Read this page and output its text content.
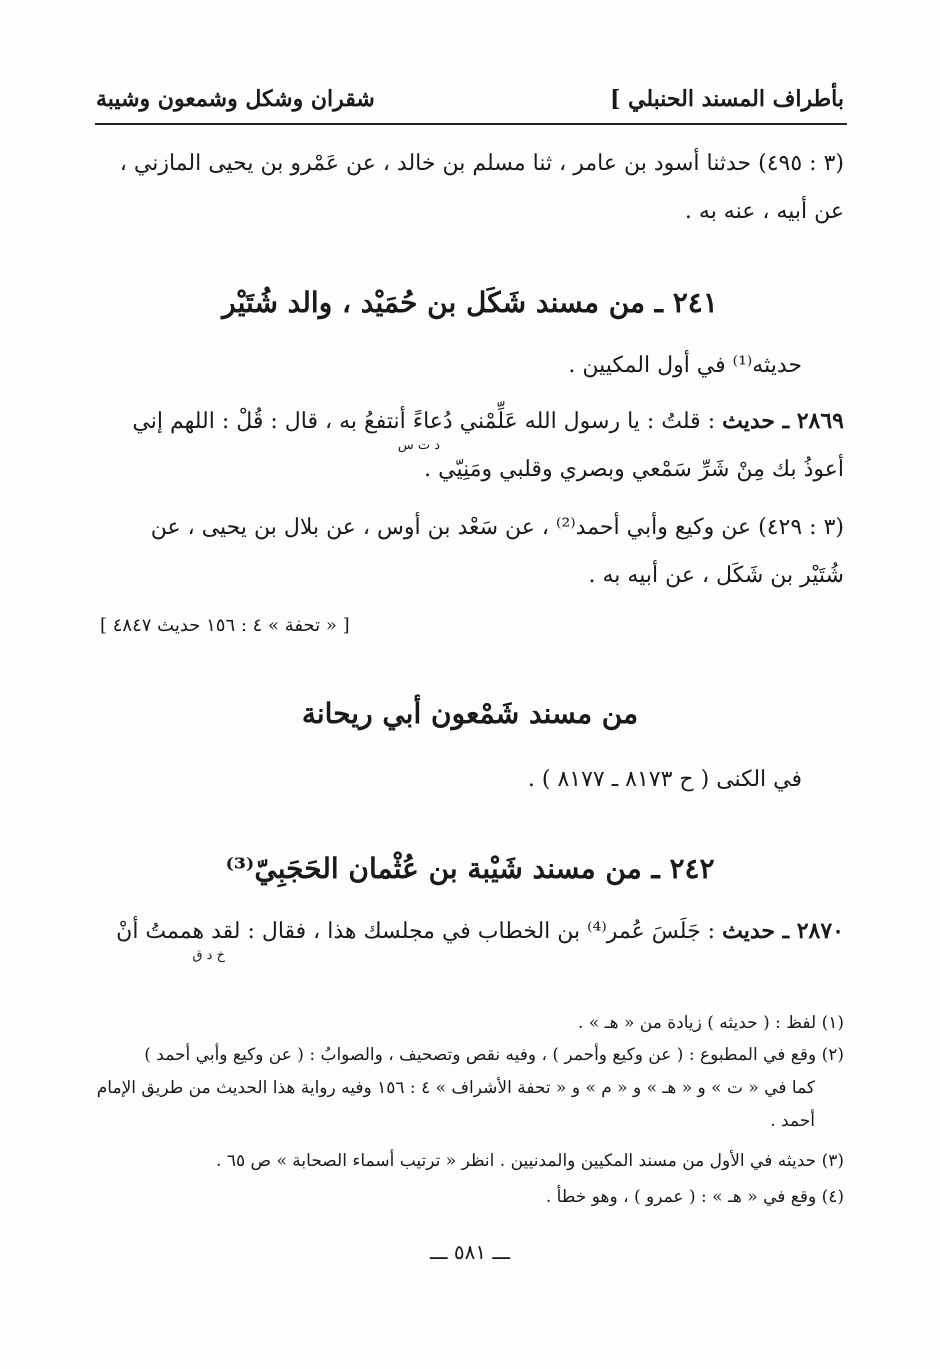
بأطراف المسند الحنبلي ]
شقران وشكل وشمعون وشيبة
(٣ : ٤٩٥) حدثنا أسود بن عامر ، ثنا مسلم بن خالد ، عن عَمْرو بن يحيى المازني ،
عن أبيه ، عنه به .
٢٤١ ـ من مسند شَكَل بن حُمَيْد ، والد شُتَيْر
حديثه⁽¹⁾ في أول المكيين .
٢٨٦٩ ـ حديث : قلتُ : يا رسول الله عَلِّمْني دُعاءً أنتفعُ به ، قال : قُلْ : اللهم إني
د ت س
أعوذُ بك مِنْ شَرِّ سَمْعي وبصري وقلبي ومَنِيّي .
(٣ : ٤٢٩) عن وكيع وأبي أحمد⁽²⁾ ، عن سَعْد بن أوس ، عن بلال بن يحيى ، عن
شُتَيْر بن شَكَل ، عن أبيه به .
[ « تحفة » ٤ : ١٥٦ حديث ٤٨٤٧ ]
من مسند شَمْعون أبي ريحانة
في الكنى ( ح ٨١٧٣ ـ ٨١٧٧ ) .
٢٤٢ ـ من مسند شَيْبة بن عُثْمان الحَجَبِيّ⁽³⁾
٢٨٧٠ ـ حديث : جَلَسَ عُمر⁽⁴⁾ بن الخطاب في مجلسك هذا ، فقال : لقد هممتُ أنْ
خ د ق
(١) لفظ : ( حديثه ) زيادة من « هـ » .
(٢) وقع في المطبوع : ( عن وكيع وأحمر ) ، وفيه نقص وتصحيف ، والصوابُ : ( عن وكيع وأبي أحمد )
كما في « ت » و « هـ » و « م » و « تحفة الأشراف » ٤ : ١٥٦ وفيه رواية هذا الحديث من طريق الإمام
أحمد .
(٣) حديثه في الأول من مسند المكيين والمدنيين . انظر « ترتيب أسماء الصحابة » ص ٦٥ .
(٤) وقع في « هـ » : ( عمرو ) ، وهو خطأ .
ـــ ٥٨١ ـــ
